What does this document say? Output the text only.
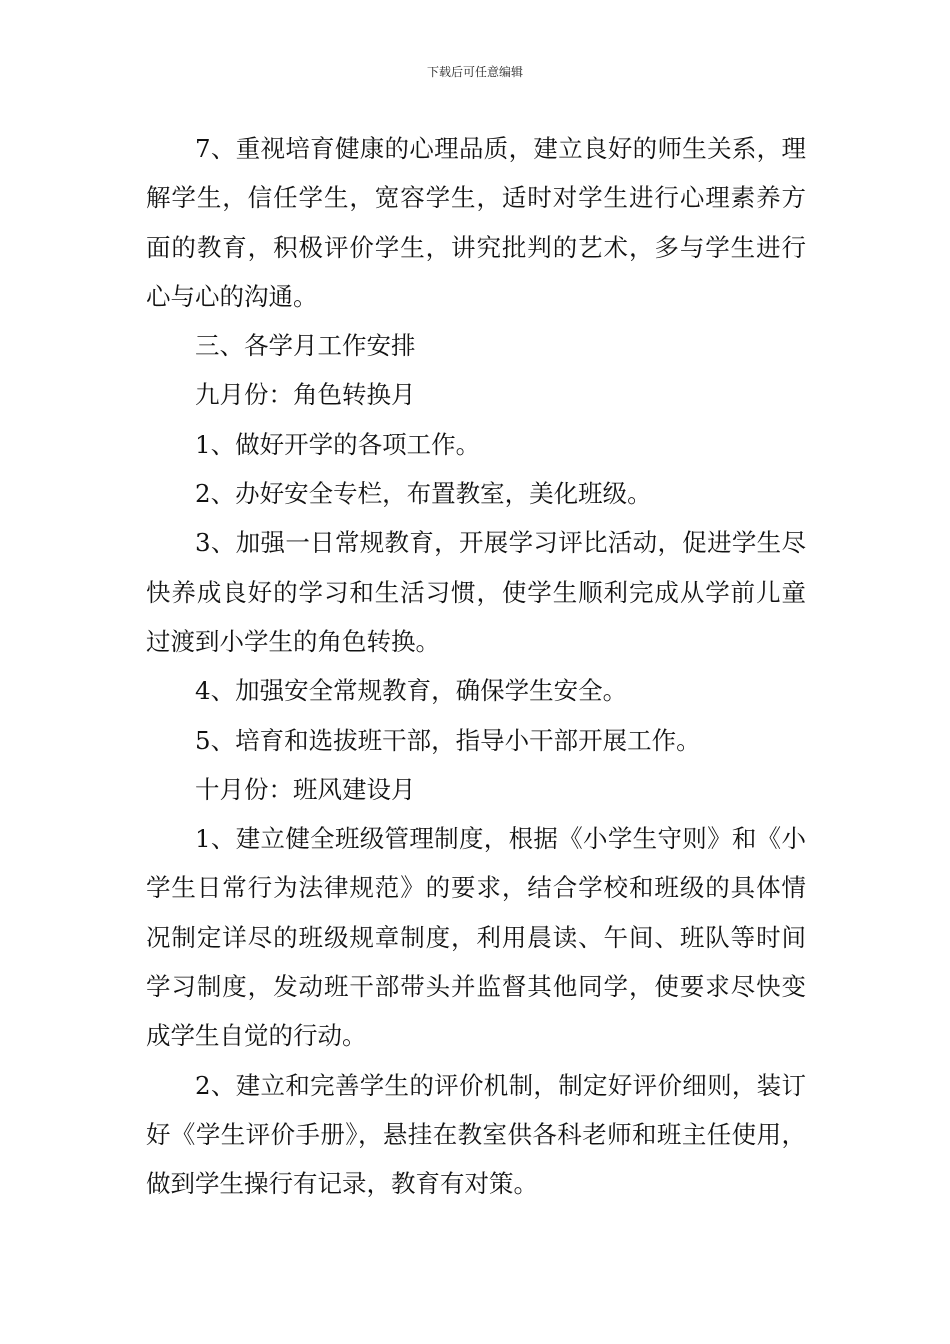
下载后可任意编辑

7、重视培育健康的心理品质，建立良好的师生关系，理解学生，信任学生，宽容学生，适时对学生进行心理素养方面的教育，积极评价学生，讲究批判的艺术，多与学生进行心与心的沟通。

三、各学月工作安排

九月份：角色转换月

1、做好开学的各项工作。

2、办好安全专栏，布置教室，美化班级。

3、加强一日常规教育，开展学习评比活动，促进学生尽快养成良好的学习和生活习惯，使学生顺利完成从学前儿童过渡到小学生的角色转换。

4、加强安全常规教育，确保学生安全。

5、培育和选拔班干部，指导小干部开展工作。

十月份：班风建设月

1、建立健全班级管理制度，根据《小学生守则》和《小学生日常行为法律规范》的要求，结合学校和班级的具体情况制定详尽的班级规章制度，利用晨读、午间、班队等时间学习制度，发动班干部带头并监督其他同学，使要求尽快变成学生自觉的行动。

2、建立和完善学生的评价机制，制定好评价细则，装订好《学生评价手册》，悬挂在教室供各科老师和班主任使用，做到学生操行有记录，教育有对策。
